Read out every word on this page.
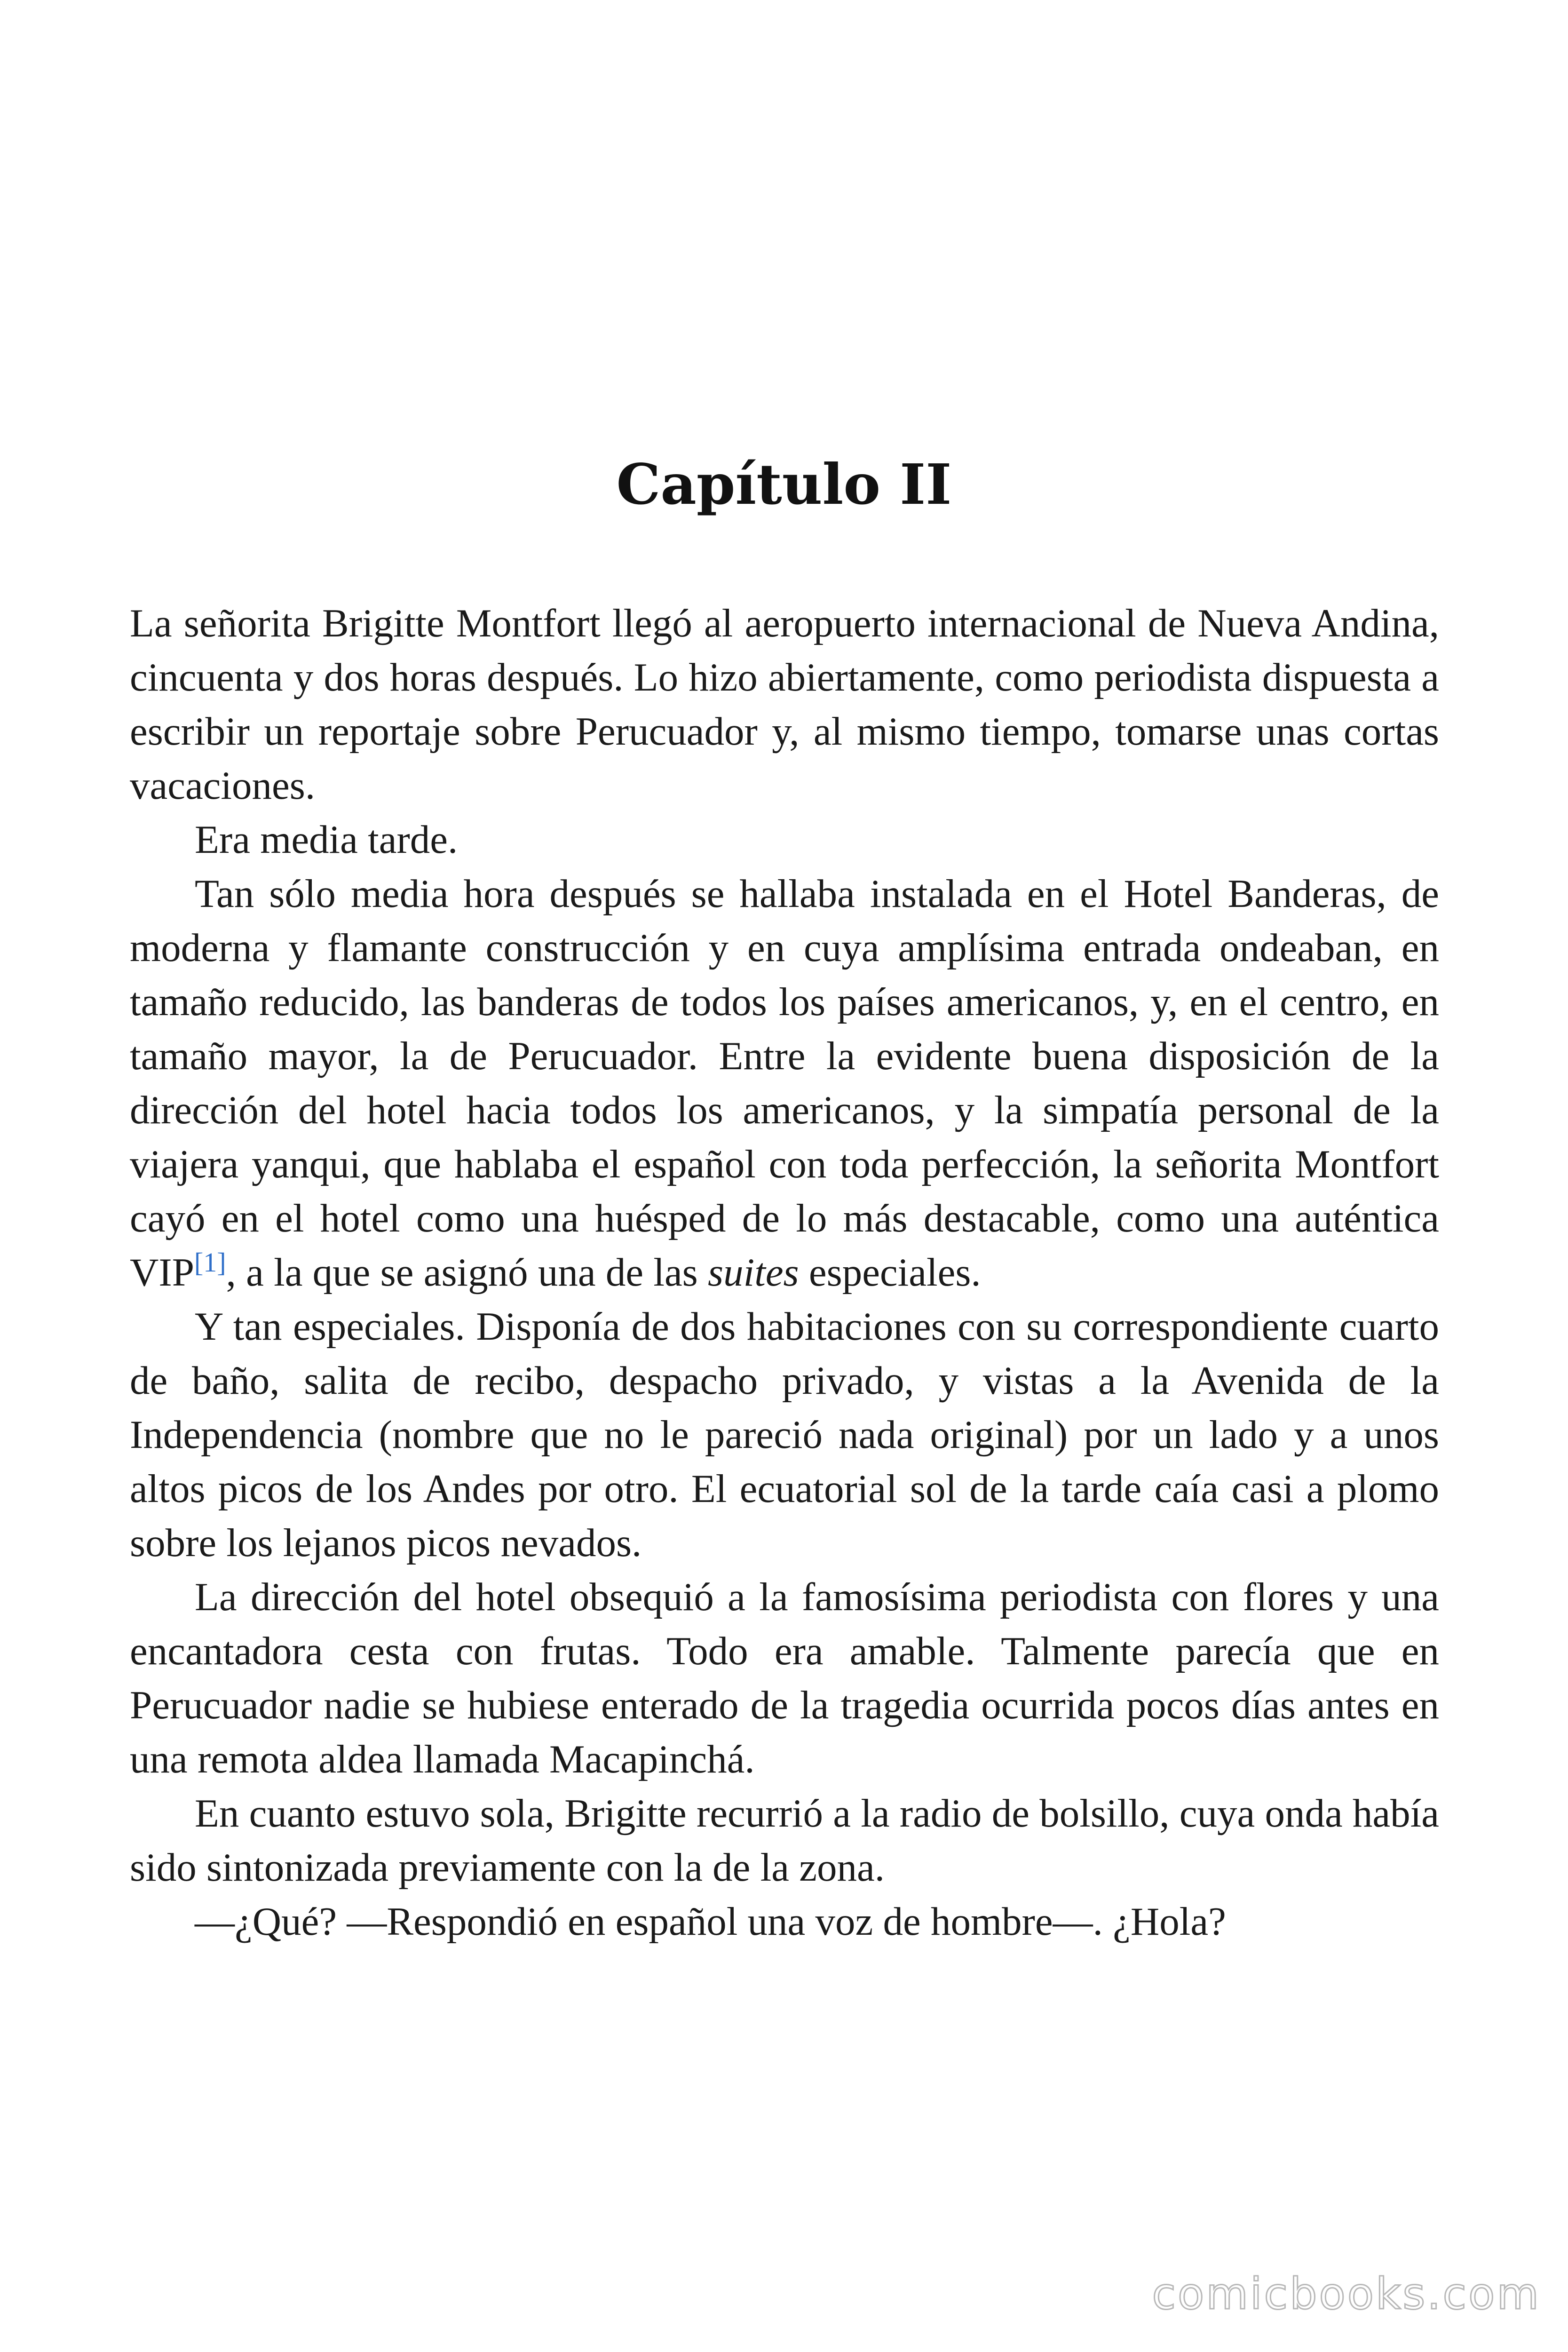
Capítulo II

La señorita Brigitte Montfort llegó al aeropuerto internacional de Nueva Andina, cincuenta y dos horas después. Lo hizo abiertamente, como periodista dispuesta a escribir un reportaje sobre Perucuador y, al mismo tiempo, tomarse unas cortas vacaciones.

Era media tarde.

Tan sólo media hora después se hallaba instalada en el Hotel Banderas, de moderna y flamante construcción y en cuya amplísima entrada ondeaban, en tamaño reducido, las banderas de todos los países americanos, y, en el centro, en tamaño mayor, la de Perucuador. Entre la evidente buena disposición de la dirección del hotel hacia todos los americanos, y la simpatía personal de la viajera yanqui, que hablaba el español con toda perfección, la señorita Montfort cayó en el hotel como una huésped de lo más destacable, como una auténtica VIP[1], a la que se asignó una de las suites especiales.

Y tan especiales. Disponía de dos habitaciones con su correspondiente cuarto de baño, salita de recibo, despacho privado, y vistas a la Avenida de la Independencia (nombre que no le pareció nada original) por un lado y a unos altos picos de los Andes por otro. El ecuatorial sol de la tarde caía casi a plomo sobre los lejanos picos nevados.

La dirección del hotel obsequió a la famosísima periodista con flores y una encantadora cesta con frutas. Todo era amable. Talmente parecía que en Perucuador nadie se hubiese enterado de la tragedia ocurrida pocos días antes en una remota aldea llamada Macapinchá.

En cuanto estuvo sola, Brigitte recurrió a la radio de bolsillo, cuya onda había sido sintonizada previamente con la de la zona.

—¿Qué? —Respondió en español una voz de hombre—. ¿Hola?

comicbooks.com
